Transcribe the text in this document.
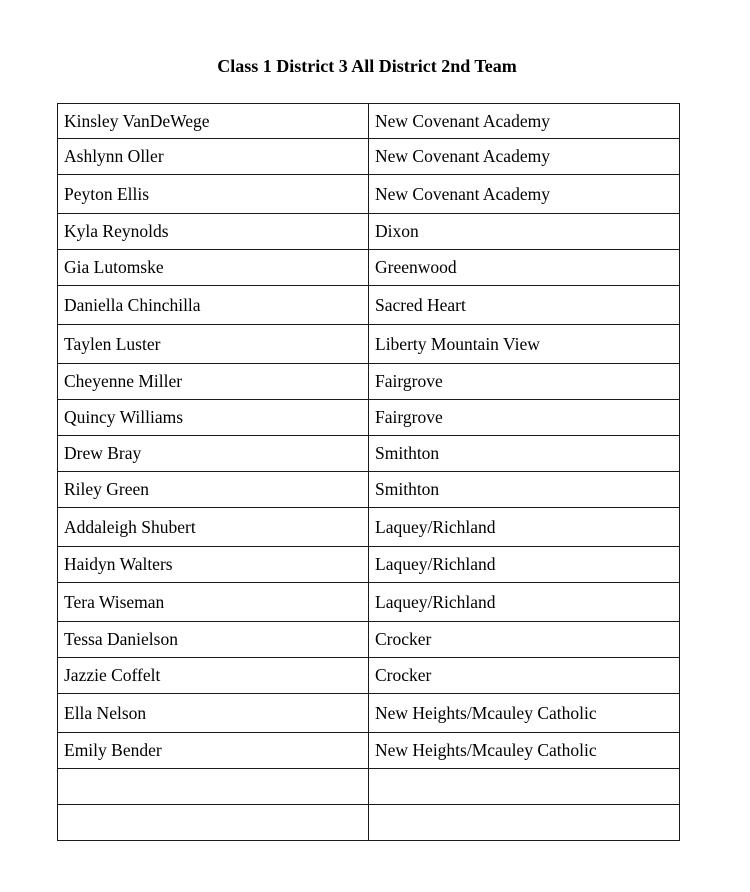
Class 1 District 3 All District 2nd Team
Kinsley VanDeWege	New Covenant Academy
Ashlynn Oller	New Covenant Academy
Peyton Ellis	New Covenant Academy
Kyla Reynolds	Dixon
Gia Lutomske	Greenwood
Daniella Chinchilla	Sacred Heart
Taylen Luster	Liberty Mountain View
Cheyenne Miller	Fairgrove
Quincy Williams	Fairgrove
Drew Bray	Smithton
Riley Green	Smithton
Addaleigh Shubert	Laquey/Richland
Haidyn Walters	Laquey/Richland
Tera Wiseman	Laquey/Richland
Tessa Danielson	Crocker
Jazzie Coffelt	Crocker
Ella Nelson	New Heights/Mcauley Catholic
Emily Bender	New Heights/Mcauley Catholic
